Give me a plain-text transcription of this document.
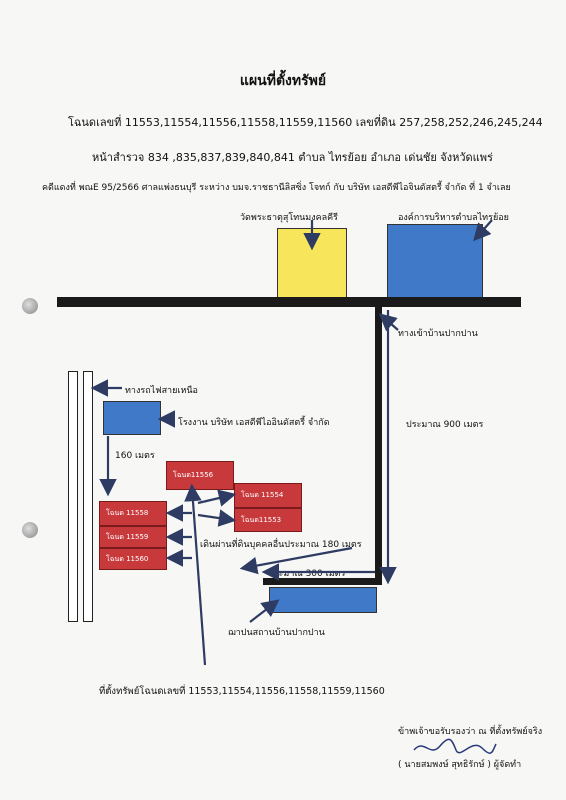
แผนที่ตั้งทรัพย์
โฉนดเลขที่ 11553,11554,11556,11558,11559,11560 เลขที่ดิน 257,258,252,246,245,244
หน้าสำรวจ 834 ,835,837,839,840,841 ตำบล ไทรย้อย อำเภอ เด่นชัย จังหวัดแพร่
คดีแดงที่ พณE 95/2566 ศาลแพ่งธนบุรี ระหว่าง บมจ.ราชธานีลิสซิ่ง โจทก์ กับ บริษัท เอสดีพีไอจินดัสตรี้ จำกัด ที่ 1 จำเลย
วัดพระธาตุสุโทนมงคลคีรี	องค์การบริหารตำบลไทรย้อย
ทางรถไฟสายเหนือ
ทางเข้าบ้านปากปาน
โรงงาน บริษัท เอสดีพีไออินดัสตรี้ จำกัด
160 เมตร
ประมาณ 900 เมตร
โฉนด11556
โฉนด 11554
โฉนด11553
โฉนด 11558
โฉนด 11559
โฉนด 11560
เดินผ่านที่ดินบุคคลอื่นประมาณ 180 เมตร
ประมาณ 300 เมตร
ฌาปนสถานบ้านปากปาน
ที่ตั้งทรัพย์โฉนดเลขที่ 11553,11554,11556,11558,11559,11560
ข้าพเจ้าขอรับรองว่า ณ ที่ตั้งทรัพย์จริง
( นายสมพงษ์ สุทธิรักษ์ ) ผู้จัดทำ
